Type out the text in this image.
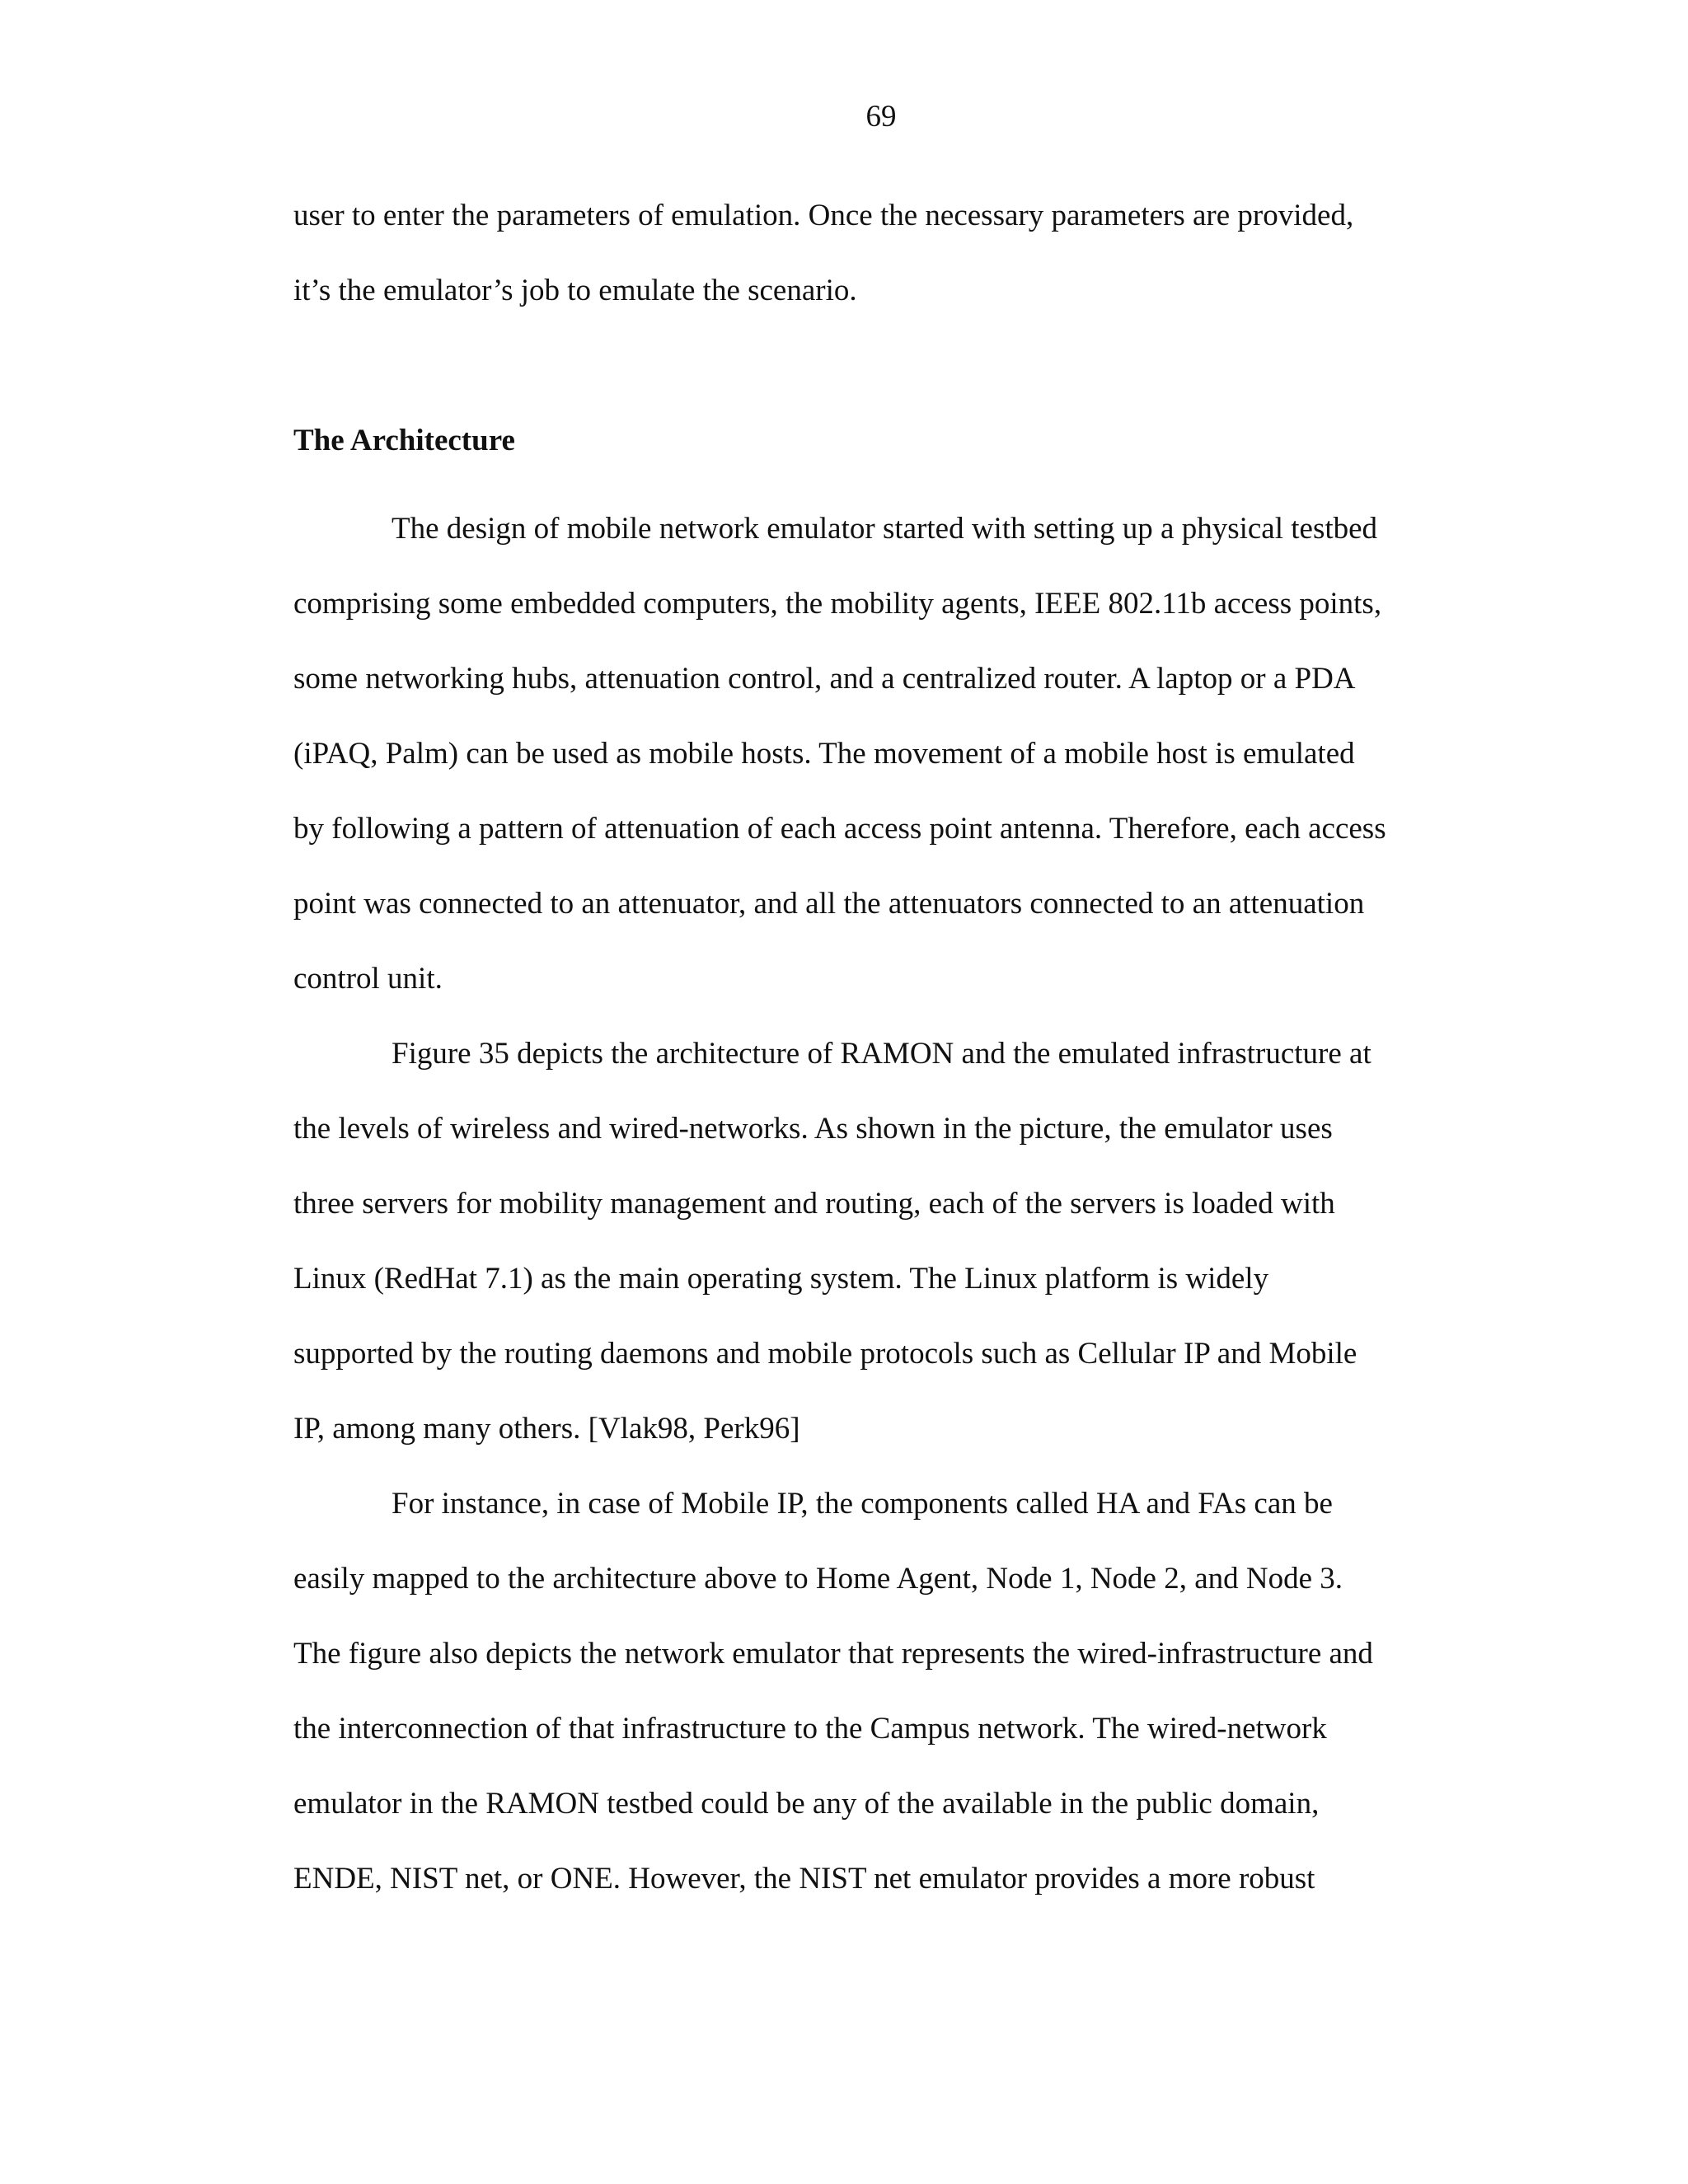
69
user to enter the parameters of emulation. Once the necessary parameters are provided,
it’s the emulator’s job to emulate the scenario.
The Architecture
The design of mobile network emulator started with setting up a physical testbed
comprising some embedded computers, the mobility agents, IEEE 802.11b access points,
some networking hubs, attenuation control, and a centralized router. A laptop or a PDA
(iPAQ, Palm) can be used as mobile hosts. The movement of a mobile host is emulated
by following a pattern of attenuation of each access point antenna. Therefore, each access
point was connected to an attenuator, and all the attenuators connected to an attenuation
control unit.
Figure 35 depicts the architecture of RAMON and the emulated infrastructure at
the levels of wireless and wired-networks. As shown in the picture, the emulator uses
three servers for mobility management and routing, each of the servers is loaded with
Linux (RedHat 7.1) as the main operating system. The Linux platform is widely
supported by the routing daemons and mobile protocols such as Cellular IP and Mobile
IP, among many others. [Vlak98, Perk96]
For instance, in case of Mobile IP, the components called HA and FAs can be
easily mapped to the architecture above to Home Agent, Node 1, Node 2, and Node 3.
The figure also depicts the network emulator that represents the wired-infrastructure and
the interconnection of that infrastructure to the Campus network. The wired-network
emulator in the RAMON testbed could be any of the available in the public domain,
ENDE, NIST net, or ONE. However, the NIST net emulator provides a more robust
